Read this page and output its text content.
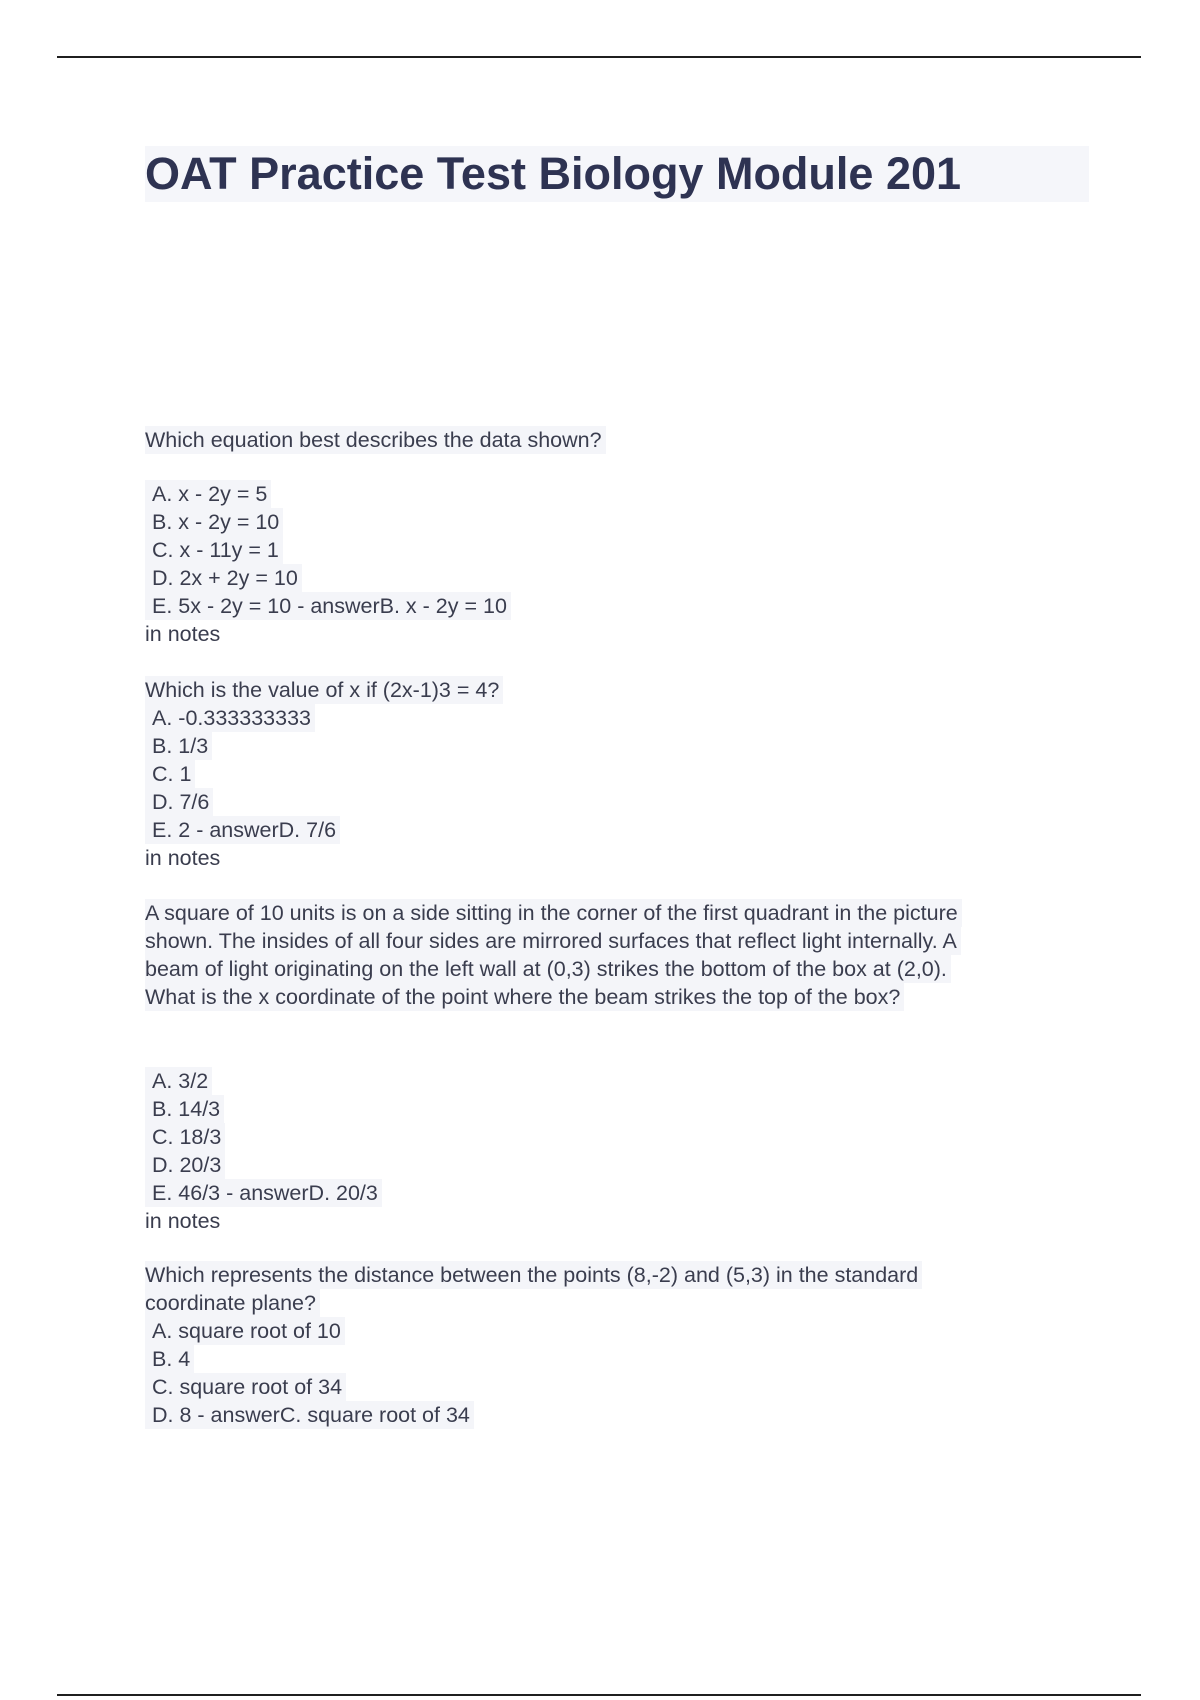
OAT Practice Test Biology Module 201
Which equation best describes the data shown?
A. x - 2y = 5
B. x - 2y = 10
C. x - 11y = 1
D. 2x + 2y = 10
E. 5x - 2y = 10 - answerB. x - 2y = 10
in notes
Which is the value of x if (2x-1)3 = 4?
A. -0.333333333
B. 1/3
C. 1
D. 7/6
E. 2 - answerD. 7/6
in notes
A square of 10 units is on a side sitting in the corner of the first quadrant in the picture
shown. The insides of all four sides are mirrored surfaces that reflect light internally. A
beam of light originating on the left wall at (0,3) strikes the bottom of the box at (2,0).
What is the x coordinate of the point where the beam strikes the top of the box?
A. 3/2
B. 14/3
C. 18/3
D. 20/3
E. 46/3 - answerD. 20/3
in notes
Which represents the distance between the points (8,-2) and (5,3) in the standard
coordinate plane?
A. square root of 10
B. 4
C. square root of 34
D. 8 - answerC. square root of 34
